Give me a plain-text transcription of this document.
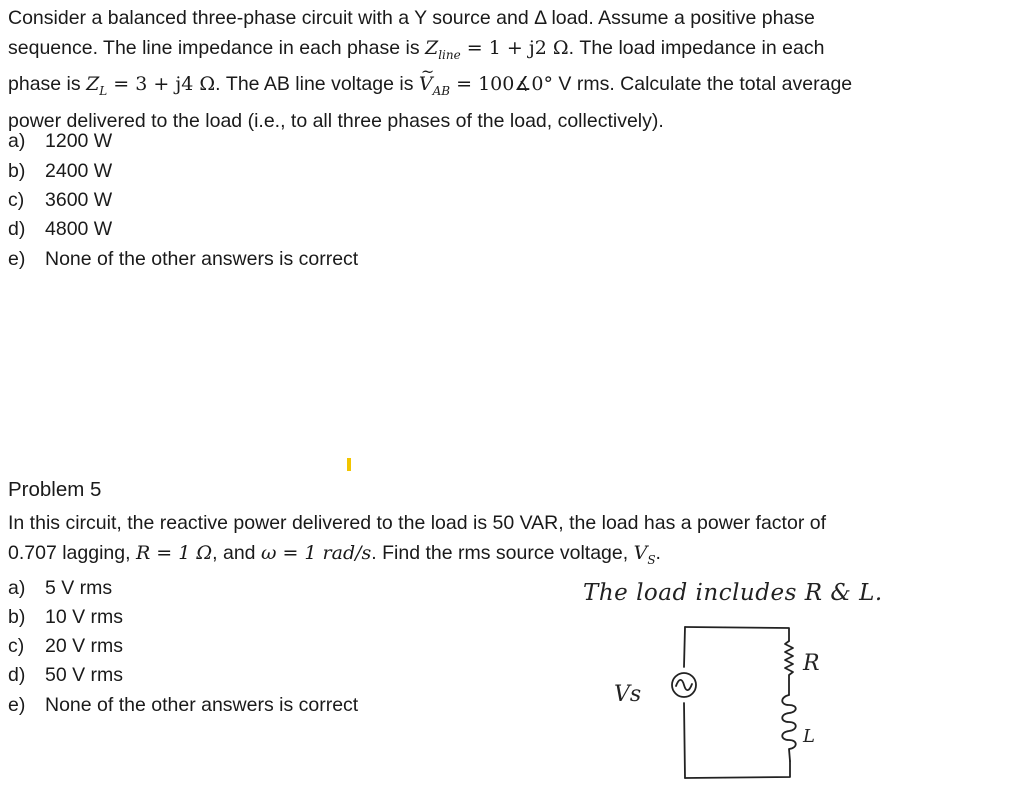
Consider a balanced three-phase circuit with a Y source and Δ load. Assume a positive phase
sequence. The line impedance in each phase is $Z_{line} = 1 + j2$ Ω. The load impedance in each
phase is $Z_L = 3 + j4$ Ω. The AB line voltage is ~ $V_{AB}$ = 100∡0° V rms. Calculate the total average
power delivered to the load (i.e., to all three phases of the load, collectively).
a) 1200 W
b) 2400 W
c) 3600 W
d) 4800 W
e) None of the other answers is correct
Problem 5
In this circuit, the reactive power delivered to the load is 50 VAR, the load has a power factor of
0.707 lagging, R = 1 Ω, and ω = 1 rad/s. Find the rms source voltage, $V_S$.
a) 5 V rms
b) 10 V rms
c) 20 V rms
d) 50 V rms
e) None of the other answers is correct
The load includes R & L.
Vs
R
L
